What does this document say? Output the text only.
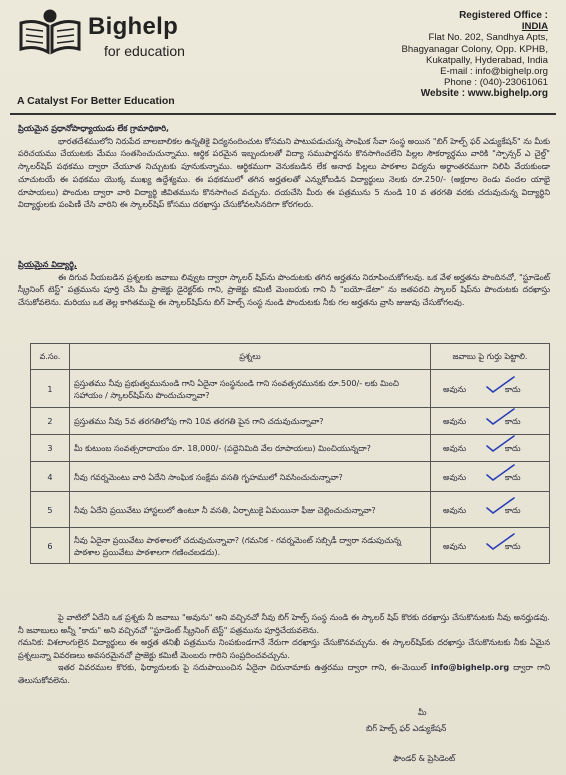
Bighelp
for education
A Catalyst For Better Education
Registered Office :
INDIA
Flat No. 202, Sandhya Apts,
Bhagyanagar Colony, Opp. KPHB,
Kukatpally, Hyderabad, India
E-mail : info@bighelp.org
Phone : (040)-23061061
Website : www.bighelp.org

ప్రియమైన ప్రధానోపాధ్యాయుడు లేక గ్రామాధికారి,

భారతదేశములోని నిరుపేద బాలబాలికల ఉన్నతికై విద్యనందించుట కోసమని పాటుపడుచున్న సాంఘిక సేవా సంస్థ అయిన "బిగ్ హెల్ప్ ఫర్ ఎడ్యుకేషన్" ను మీకు పరిచయము చేయుటకు మేము సంతసించుచున్నాము. ఆర్థిక పరమైన ఇబ్బందులతో విద్యా సముపార్జనను కొనసాగించలేని పిల్లల సౌకర్యార్థము వారికి "స్పాన్సర్ ఎ చైల్డ్" స్కాలర్‌షిప్ పథకము ద్వారా చేయూత నిచ్చుటకు పూనుకున్నాము. ఆర్థికముగా వెనుకబడిన లేక అనాథ పిల్లలు పాఠశాల విద్యను అర్థాంతరముగా నిలిపి వేయకుండా చూచుటయే ఈ పథకము యొక్క ముఖ్య ఉద్దేశ్యము. ఈ పథకములో తగిన అర్హతలతో ఎన్నుకోబడిన విద్యార్థులు నెలకు రూ.250/- (అక్షరాల రెండు వందల యాభై రూపాయలు) పొందుట ద్వారా వారి విద్యార్థి జీవితమును కొనసాగించ వచ్చును. దయచేసి మీరు ఈ పత్రమును 5 నుండి 10 వ తరగతి వరకు చదువుచున్న విద్యార్థిని విద్యార్థులకు పంపిణీ చేసి వారిని ఈ స్కాలర్‌షిప్ కోసము దరఖాస్తు చేసుకోవలసినదిగా కోరగలరు.

ప్రియమైన విద్యార్థి,

ఈ దిగువ నీయబడిన ప్రశ్నలకు జవాబు లివ్వుట ద్వారా స్కాలర్ షిప్‌ను పొందుటకు తగిన అర్హతను నిరూపించుకోగలవు. ఒక వేళ అర్హతను పొందినచో, "స్టూడెంట్ స్క్రీనింగ్ టెస్ట్" పత్రమును పూర్తి చేసి మీ ప్రాజెక్టు డైరెక్టర్‌కు గాని, ప్రాజెక్టు కమిటీ మెంబరుకు గాని నీ "బయో-డేటా" ను జతపరచి స్కాలర్ షిప్‌ను పొందుటకు దరఖాస్తు చేసుకోవలెను. మరియు ఒక తెల్ల కాగితముపై ఈ స్కాలర్‌షిప్‌ను బిగ్ హెల్ప్ సంస్థ నుండి పొందుటకు నీకు గల అర్హతను వ్రాసి జుజువు చేసుకోగలవు.

వ.సం.	ప్రశ్నలు	జవాబు పై గుర్తు పెట్టాలి.
1	ప్రస్తుతము నీవు ప్రభుత్వమునుండి గాని ఏదైనా సంస్థనుండి గాని సంవత్సరమునకు రూ.500/- లకు మించి సహాయం / స్కాలర్‌షిప్‌ను పొందుచున్నావా?	అవును కాదు

2	ప్రస్తుతము నీవు 5వ తరగతిలోపు గాని 10వ తరగతి పైన గాని చదువుచున్నావా?	అవును కాదు

3	మీ కుటుంబ సంవత్సరాదాయం రూ. 18,000/- (పద్దెనిమిది వేల రూపాయలు) మించియున్నదా?	అవును కాదు

4	నీవు గవర్నమెంటు వారి ఏదేని సాంఘిక సంక్షేమ వసతి గృహములో నివసించుచున్నావా?	అవును కాదు

5	నీవు ఏదేని ప్రయివేటు హాస్టలులో ఉంటూ నీ వసతి, ఏర్పాటుకై ఏమయినా ఫీజు చెల్లించుచున్నావా?	అవును కాదు

6	నీవు ఏదైనా ప్రయివేటు పాఠశాలలో చదువుచున్నావా? (గమనిక - గవర్నమెంట్ సబ్సిడీ ద్వారా నడుపుచున్న పాఠశాల ప్రయివేటు పాఠశాలగా గణించబడదు).	అవును కాదు

పై వాటిలో ఏదేని ఒక ప్రశ్నకు నీ జవాబు "అవును" అని వచ్చినచో నీవు బిగ్ హెల్ప్ సంస్థ నుండి ఈ స్కాలర్ షిప్ కొరకు దరఖాస్తు చేసుకొనుటకు నీవు అనర్హుడవు. నీ జవాబులు అన్నీ "కాదు" అని వచ్చినచో "స్టూడెంట్ స్క్రీనింగ్ టెస్ట్" పత్రమును పూర్తిచేయవలెను.

గమనిక: విశలాంగులైన విద్యార్థులు ఈ అర్హత తనిఖీ పత్రమును నింపకుండగానే నేరుగా దరఖాస్తు చేసుకొనవచ్చును. ఈ స్కాలర్‌షిప్‌కు దరఖాస్తు చేసుకొనుటకు నీకు ఏమైన ప్రశ్నలున్నా వివరణలు అవసరమైనచో ప్రాజెక్టు కమిటీ మెంబరు గారిని సంప్రదించవచ్చును.

ఇతర వివరముల కొరకు, ఫిర్యాదులకు పై సదుపాయించిన ఏదైనా చిరునామాకు ఉత్తరము ద్వారా గాని, ఈ-మెయిల్ info@bighelp.org ద్వారా గాని తెలుసుకోవలెను.

మీ
బిగ్ హెల్ప్ ఫర్ ఎడ్యుకేషన్
ఫౌండర్ & ప్రెసిడెంట్
